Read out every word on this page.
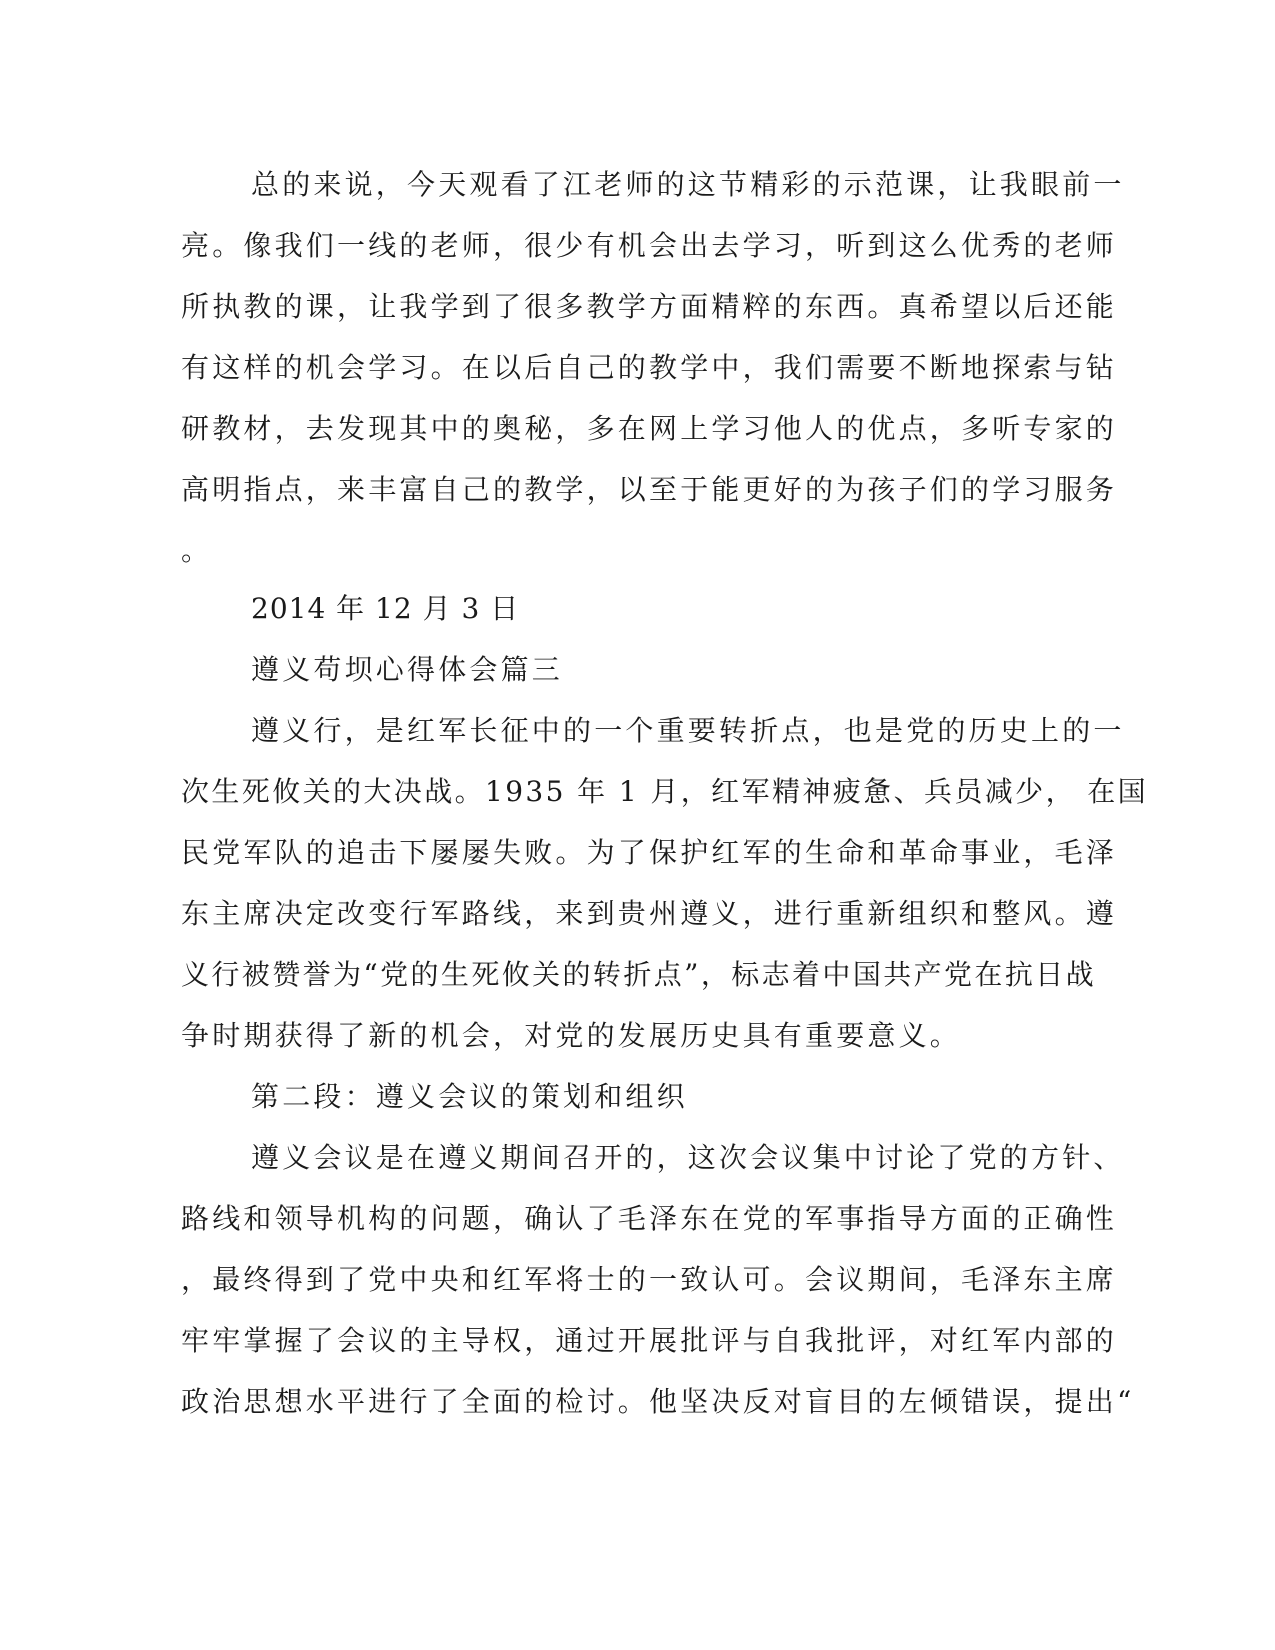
总的来说，今天观看了江老师的这节精彩的示范课，让我眼前一
亮。像我们一线的老师，很少有机会出去学习，听到这么优秀的老师
所执教的课，让我学到了很多教学方面精粹的东西。真希望以后还能
有这样的机会学习。在以后自己的教学中，我们需要不断地探索与钻
研教材，去发现其中的奥秘，多在网上学习他人的优点，多听专家的
高明指点，来丰富自己的教学，以至于能更好的为孩子们的学习服务
。
2014 年 12 月 3 日
遵义苟坝心得体会篇三
遵义行，是红军长征中的一个重要转折点，也是党的历史上的一
次生死攸关的大决战。1935 年 1 月，红军精神疲惫、兵员减少， 在国
民党军队的追击下屡屡失败。为了保护红军的生命和革命事业，毛泽
东主席决定改变行军路线，来到贵州遵义，进行重新组织和整风。遵
义行被赞誉为“党的生死攸关的转折点”，标志着中国共产党在抗日战
争时期获得了新的机会，对党的发展历史具有重要意义。
第二段：遵义会议的策划和组织
遵义会议是在遵义期间召开的，这次会议集中讨论了党的方针、
路线和领导机构的问题，确认了毛泽东在党的军事指导方面的正确性
，最终得到了党中央和红军将士的一致认可。会议期间，毛泽东主席
牢牢掌握了会议的主导权，通过开展批评与自我批评，对红军内部的
政治思想水平进行了全面的检讨。他坚决反对盲目的左倾错误，提出“
